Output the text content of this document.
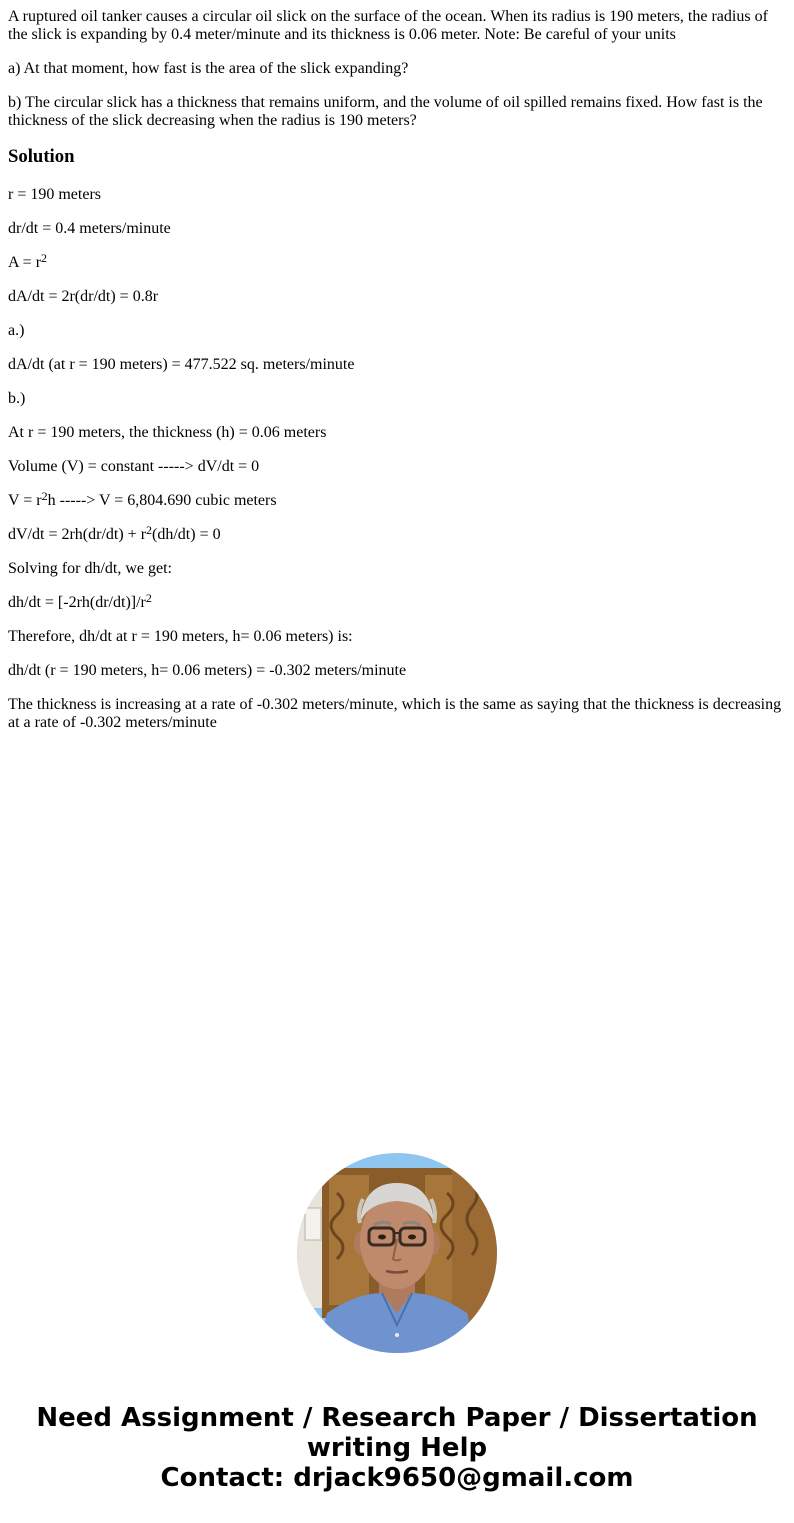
A ruptured oil tanker causes a circular oil slick on the surface of the ocean. When its radius is 190 meters, the radius of the slick is expanding by 0.4 meter/minute and its thickness is 0.06 meter. Note: Be careful of your units
a) At that moment, how fast is the area of the slick expanding?
b) The circular slick has a thickness that remains uniform, and the volume of oil spilled remains fixed. How fast is the thickness of the slick decreasing when the radius is 190 meters?
Solution
r = 190 meters
dr/dt = 0.4 meters/minute
$A = r^2$
dA/dt = 2r(dr/dt) = 0.8r
a.)
dA/dt (at r = 190 meters) = 477.522 sq. meters/minute
b.)
At r = 190 meters, the thickness (h) = 0.06 meters
Volume (V) = constant -----> dV/dt = 0
$V = r^2h$ -----> V = 6,804.690 cubic meters
$dV/dt = 2rh(dr/dt) + r^2(dh/dt) = 0$
Solving for dh/dt, we get:
$dh/dt = [-2rh(dr/dt)]/r^2$
Therefore, dh/dt at r = 190 meters, h= 0.06 meters) is:
dh/dt (r = 190 meters, h= 0.06 meters) = -0.302 meters/minute
The thickness is increasing at a rate of -0.302 meters/minute, which is the same as saying that the thickness is decreasing at a rate of -0.302 meters/minute
Need Assignment / Research Paper / Dissertation
writing Help
Contact: drjack9650@gmail.com
